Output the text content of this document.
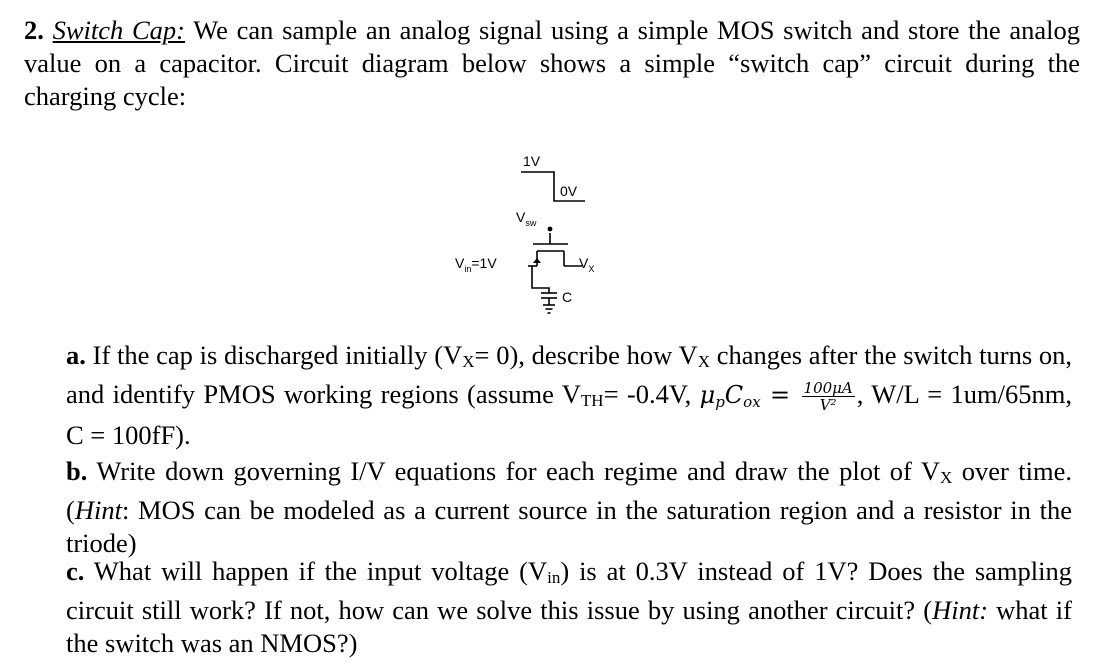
2. Switch Cap: We can sample an analog signal using a simple MOS switch and store the analog value on a capacitor. Circuit diagram below shows a simple “switch cap” circuit during the charging cycle:
1V
0V
$V_{sw}$
$V_{in}=1V$	$V_X$
C
a. If the cap is discharged initially (VX= 0), describe how VX changes after the switch turns on, and identify PMOS working regions (assume VTH= -0.4V, μpCox = $\frac{100\mu A}{\text{V²}}$ , W/L = 1um/65nm, C = 100fF).
b. Write down governing I/V equations for each regime and draw the plot of VX over time. (Hint: MOS can be modeled as a current source in the saturation region and a resistor in the triode)
c. What will happen if the input voltage (Vin) is at 0.3V instead of 1V? Does the sampling circuit still work? If not, how can we solve this issue by using another circuit? (Hint: what if the switch was an NMOS?)
